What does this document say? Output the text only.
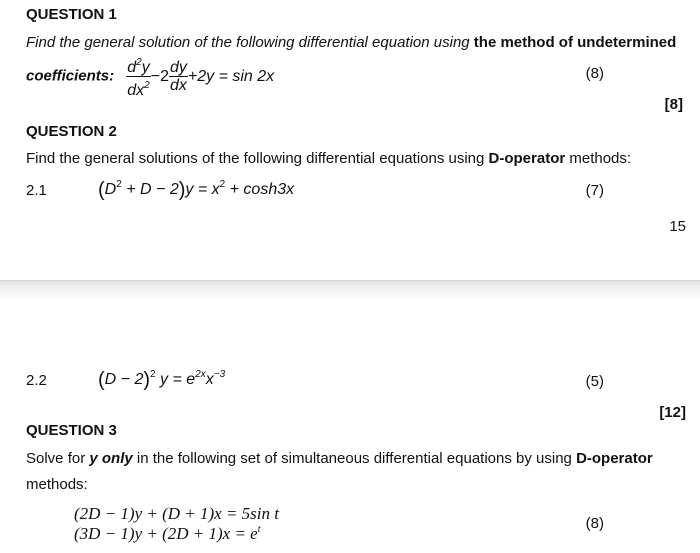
QUESTION 1
Find the general solution of the following differential equation using the method of undetermined
coefficients: $\frac{d^2y}{dx^2} -2 \frac{dy}{dx} +2y = \sin 2x$	(8)
[8]
QUESTION 2
Find the general solutions of the following differential equations using D-operator methods:
2.1	$(D^2 + D - 2)y = x^2 + \cosh 3x$	(7)
15
2.2	$(D - 2)^2$ $y = e^{2x}x^{-3}$	(5)
[12]
QUESTION 3
Solve for y only in the following set of simultaneous differential equations by using D-operator
methods:
(2D − 1)y + (D + 1)x = 5sin t
$(3D - 1)y + (2D + 1)x = e^t$	(8)
